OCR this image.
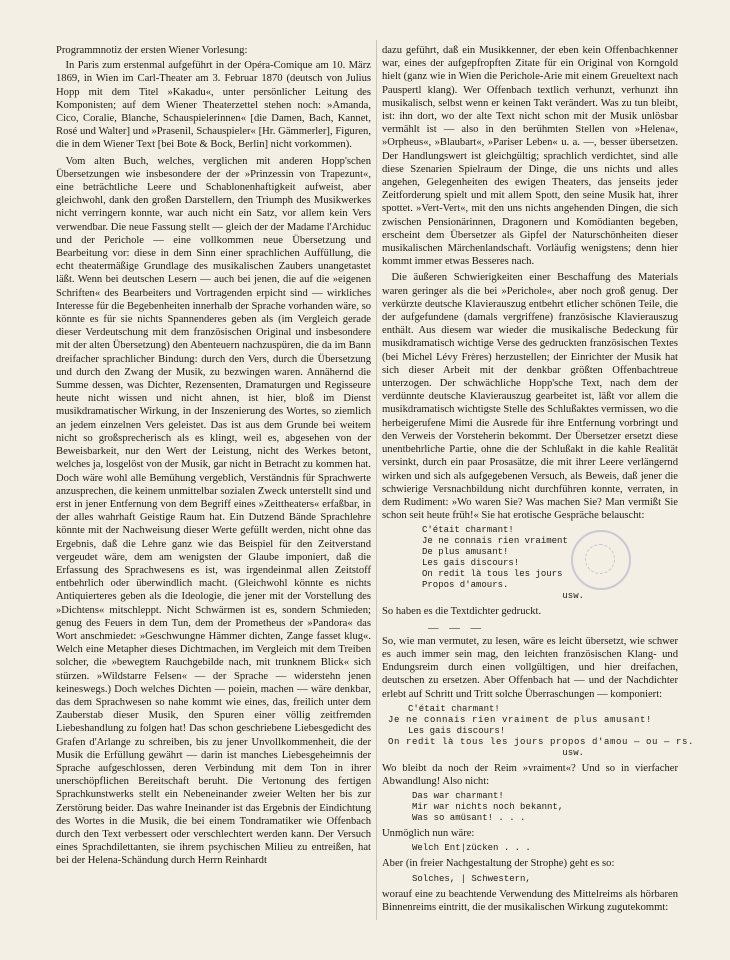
Programmnotiz der ersten Wiener Vorlesung:

In Paris zum erstenmal aufgeführt in der Opéra-Comique am 10. März 1869, in Wien im Carl-Theater am 3. Februar 1870 (deutsch von Julius Hopp mit dem Titel »Kakadu«, unter persönlicher Leitung des Komponisten; auf dem Wiener Theaterzettel stehen noch: »Amanda, Cico, Coralie, Blanche, Schauspielerinnen« [die Damen, Bach, Kannet, Rosé und Walter] und »Prasenil, Schauspieler« [Hr. Gämmerler], Figuren, die in dem Wiener Text [bei Bote & Bock, Berlin] nicht vorkommen).

Vom alten Buch, welches, verglichen mit anderen Hopp'schen Übersetzungen wie insbesondere der der »Prinzessin von Trapezunt«, eine beträchtliche Leere und Schablonenhaftigkeit aufweist, aber gleichwohl, dank den großen Darstellern, den Triumph des Musikwerkes nicht verringern konnte, war auch nicht ein Satz, vor allem kein Vers verwendbar. Die neue Fassung stellt — gleich der der Madame l'Archiduc und der Perichole — eine vollkommen neue Übersetzung und Bearbeitung vor: diese in dem Sinn einer sprachlichen Auffüllung, die echt theatermäßige Grundlage des musikalischen Zaubers unangetastet läßt. Wenn bei deutschen Lesern — auch bei jenen, die auf die »eigenen Schriften« des Bearbeiters und Vortragenden erpicht sind — wirkliches Interesse für die Begebenheiten innerhalb der Sprache vorhanden wäre, so könnte es für sie nichts Spannenderes geben als (im Vergleich gerade dieser Verdeutschung mit dem französischen Original und insbesondere mit der alten Übersetzung) den Abenteuern nachzuspüren, die da im Bann dreifacher sprachlicher Bindung: durch den Vers, durch die Übersetzung und durch den Zwang der Musik, zu bezwingen waren. Annähernd die Summe dessen, was Dichter, Rezensenten, Dramaturgen und Regisseure heute nicht wissen und nicht ahnen, ist hier, bloß im Dienst musikdramatischer Wirkung, in der Inszenierung des Wortes, so ziemlich an jedem einzelnen Vers geleistet. Das ist aus dem Grunde bei weitem nicht so großsprecherisch als es klingt, weil es, abgesehen von der Beweisbarkeit, nur den Wert der Leistung, nicht des Werkes betont, welches ja, losgelöst von der Musik, gar nicht in Betracht zu kommen hat. Doch wäre wohl alle Bemühung vergeblich, Verständnis für Sprachwerte anzusprechen, die keinem unmittelbar sozialen Zweck unterstellt sind und erst in jener Entfernung von dem Begriff eines »Zeittheaters« erfaßbar, in der alles wahrhaft Geistige Raum hat. Ein Dutzend Bände Sprachlehre könnte mit der Nachweisung dieser Werte gefüllt werden, nicht ohne das Ergebnis, daß die Lehre ganz wie das Beispiel für den Zeitverstand vergeudet wäre, dem am wenigsten der Glaube imponiert, daß die Erfassung des Sprachwesens es ist, was irgendeinmal allen Zeitstoff entbehrlich oder überwindlich macht. (Gleichwohl könnte es nichts Antiquierteres geben als die Ideologie, die jener mit der Vorstellung des »Dichtens« mitschleppt. Nicht Schwärmen ist es, sondern Schmieden; genug des Feuers in dem Tun, dem der Prometheus der »Pandora« das Wort anschmiedet: »Geschwungne Hämmer dichten, Zange fasset klug«. Welch eine Metapher dieses Dichtmachen, im Vergleich mit dem Treiben solcher, die »bewegtem Rauchgebilde nach, mit trunknem Blick« sich stürzen. »Wildstarre Felsen« — der Sprache — widerstehn jenen keineswegs.) Doch welches Dichten — poiein, machen — wäre denkbar, das dem Sprachwesen so nahe kommt wie eines, das, freilich unter dem Zauberstab dieser Musik, den Spuren einer völlig zeitfremden Liebeshandlung zu folgen hat! Das schon geschriebene Liebesgedicht des Grafen d'Arlange zu schreiben, bis zu jener Unvollkommenheit, die der Musik die Erfüllung gewährt — darin ist manches Liebesgeheimnis der Sprache aufgeschlossen, deren Verbindung mit dem Ton in ihrer unerschöpflichen Bereitschaft beruht. Die Vertonung des fertigen Sprachkunstwerks stellt ein Nebeneinander zweier Welten her bis zur Zerstörung beider. Das wahre Ineinander ist das Ergebnis der Eindichtung des Wortes in die Musik, die bei einem Tondramatiker wie Offenbach durch den Text verbessert oder verschlechtert werden kann. Der Versuch eines Sprachdilettanten, sie ihrem psychischen Milieu zu entreißen, hat bei der Helena-Schändung durch Herrn Reinhardt

dazu geführt, daß ein Musikkenner, der eben kein Offenbachkenner war, eines der aufgepfropften Zitate für ein Original von Korngold hielt (ganz wie in Wien die Perichole-Arie mit einem Greueltext nach Pauspertl klang). Wer Offenbach textlich verhunzt, verhunzt ihn musikalisch, selbst wenn er keinen Takt verändert. Was zu tun bleibt, ist: ihn dort, wo der alte Text nicht schon mit der Musik unlösbar vermählt ist — also in den berühmten Stellen von »Helena«, »Orpheus«, »Blaubart«, »Pariser Leben« u. a. —, besser übersetzen. Der Handlungswert ist gleichgültig; sprachlich verdichtet, sind alle diese Szenarien Spielraum der Dinge, die uns nichts und alles angehen, Gelegenheiten des ewigen Theaters, das jenseits jeder Zeitforderung spielt und mit allem Spott, den seine Musik hat, ihrer spottet. »Vert-Vert«, mit den uns nichts angehenden Dingen, die sich zwischen Pensionärinnen, Dragonern und Komödianten begeben, erscheint dem Übersetzer als Gipfel der Naturschönheiten dieser musikalischen Märchenlandschaft. Vorläufig wenigstens; denn hier kommt immer etwas Besseres nach.

Die äußeren Schwierigkeiten einer Beschaffung des Materials waren geringer als die bei »Perichole«, aber noch groß genug. Der verkürzte deutsche Klavierauszug entbehrt etlicher schönen Teile, die der aufgefundene (damals vergriffene) französische Klavierauszug enthält. Aus diesem war wieder die musikalische Bedeckung für musikdramatisch wichtige Verse des gedruckten französischen Textes (bei Michel Lévy Frères) herzustellen; der Einrichter der Musik hat sich dieser Arbeit mit der denkbar größten Offenbachtreue unterzogen. Der schwächliche Hopp'sche Text, nach dem der verdünnte deutsche Klavierauszug gearbeitet ist, läßt vor allem die musikdramatisch wichtigste Stelle des Schlußaktes vermissen, wo die herbeigerufene Mimi die Ausrede für ihre Entfernung vorbringt und den Verweis der Vorsteherin bekommt. Der Übersetzer ersetzt diese unentbehrliche Partie, ohne die der Schlußakt in die kahle Realität versinkt, durch ein paar Prosasätze, die mit ihrer Leere verlängernd wirken und sich als aufgegebenen Versuch, als Beweis, daß jener die schwierige Versnachbildung nicht durchführen konnte, verraten, in dem Rudiment: »Wo waren Sie? Was machen Sie? Man vermißt Sie schon seit heute früh!« Sie hat erotische Gespräche belauscht:

C'était charmant!
Je ne connais rien vraiment
De plus amusant!
Les gais discours!
On redit là tous les jours
Propos d'amours.
usw.

So haben es die Textdichter gedruckt.

— — —

So, wie man vermutet, zu lesen, wäre es leicht übersetzt, wie schwer es auch immer sein mag, den leichten französischen Klang- und Endungsreim durch einen vollgültigen, und hier dreifachen, deutschen zu ersetzen. Aber Offenbach hat — und der Nachdichter erlebt auf Schritt und Tritt solche Überraschungen — komponiert:

C'était charmant!
Je ne connais rien vraiment de plus amusant!
Les gais discours!
On redit là tous les jours propos d'amou — ou — rs.
usw.

Wo bleibt da noch der Reim »vraiment«? Und so in vierfacher Abwandlung! Also nicht:

Das war charmant!
Mir war nichts noch bekannt,
Was so amüsant! . . .

Unmöglich nun wäre:

Welch Ent|zücken . . .

Aber (in freier Nachgestaltung der Strophe) geht es so:

Solches, | Schwestern,

worauf eine zu beachtende Verwendung des Mittelreims als hörbaren Binnenreims eintritt, die der musikalischen Wirkung zugutekommt:
